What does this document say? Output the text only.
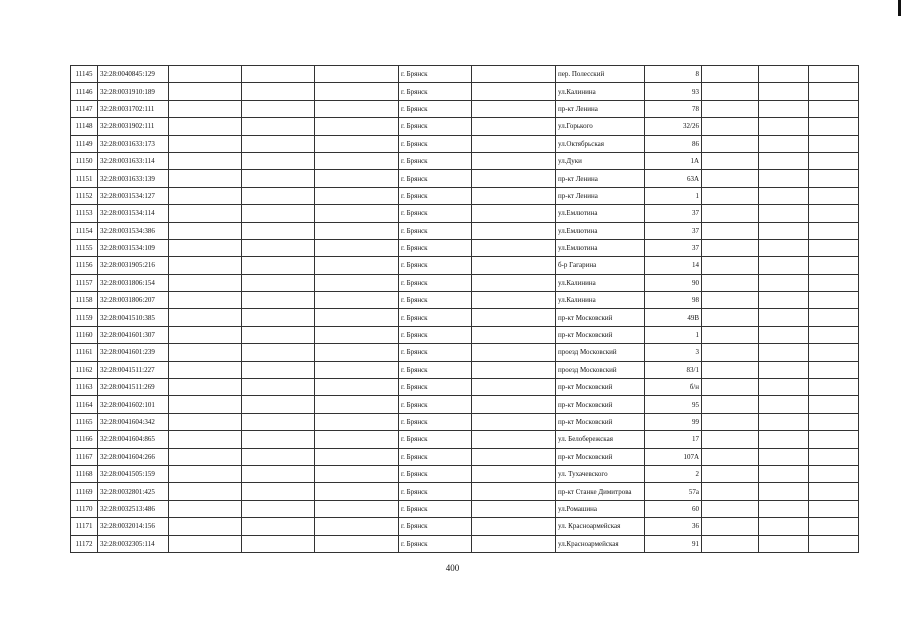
11145	32:28:0040845:129				г. Брянск		пер. Полесский	8			
11146	32:28:0031910:189				г. Брянск		ул.Калинина	93			
11147	32:28:0031702:111				г. Брянск		пр-кт Ленина	78			
11148	32:28:0031902:111				г. Брянск		ул.Горького	32/26			
11149	32:28:0031633:173				г. Брянск		ул.Октябрьская	86			
11150	32:28:0031633:114				г. Брянск		ул.Дуки	1А			
11151	32:28:0031633:139				г. Брянск		пр-кт Ленина	63А			
11152	32:28:0031534:127				г. Брянск		пр-кт Ленина	1			
11153	32:28:0031534:114				г. Брянск		ул.Емлютина	37			
11154	32:28:0031534:386				г. Брянск		ул.Емлютина	37			
11155	32:28:0031534:109				г. Брянск		ул.Емлютина	37			
11156	32:28:0031905:216				г. Брянск		б-р Гагарина	14			
11157	32:28:0031806:154				г. Брянск		ул.Калинина	90			
11158	32:28:0031806:207				г. Брянск		ул.Калинина	98			
11159	32:28:0041510:385				г. Брянск		пр-кт Московский	49В			
11160	32:28:0041601:307				г. Брянск		пр-кт Московский	1			
11161	32:28:0041601:239				г. Брянск		проезд Московский	3			
11162	32:28:0041511:227				г. Брянск		проезд Московский	83/1			
11163	32:28:0041511:269				г. Брянск		пр-кт Московский	б/н			
11164	32:28:0041602:101				г. Брянск		пр-кт Московский	95			
11165	32:28:0041604:342				г. Брянск		пр-кт Московский	99			
11166	32:28:0041604:865				г. Брянск		ул. Белобережская	17			
11167	32:28:0041604:266				г. Брянск		пр-кт Московский	107А			
11168	32:28:0041505:159				г. Брянск		ул. Тухачевского	2			
11169	32:28:0032801:425				г. Брянск		пр-кт Станке Димитрова	57а			
11170	32:28:0032513:486				г. Брянск		ул.Ромашина	60			
11171	32:28:0032014:156				г. Брянск		ул. Красноармейская	36			
11172	32:28:0032305:114				г. Брянск		ул.Красноармейская	91			
400
